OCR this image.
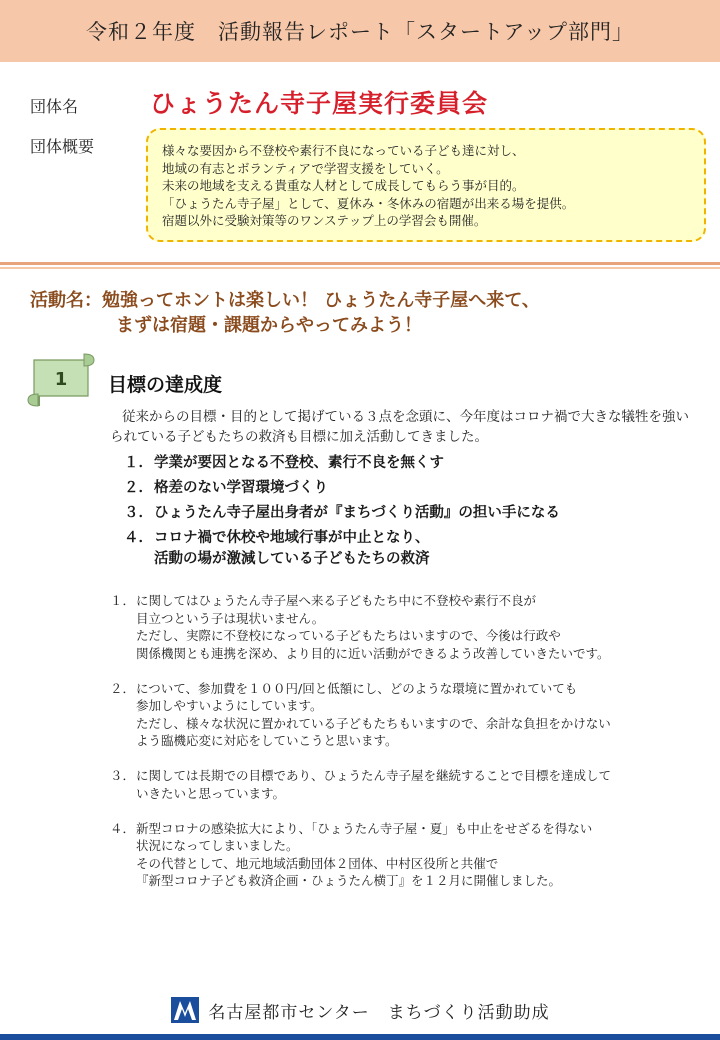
令和２年度　活動報告レポート「スタートアップ部門」
団体名	ひょうたん寺子屋実行委員会
団体概要	様々な要因から不登校や素行不良になっている子ども達に対し、
地域の有志とボランティアで学習支援をしていく。
未来の地域を支える貴重な人材として成長してもらう事が目的。
「ひょうたん寺子屋」として、夏休み・冬休みの宿題が出来る場を提供。
宿題以外に受験対策等のワンステップ上の学習会も開催。
活動名：勉強ってホントは楽しい！ ひょうたん寺子屋へ来て、
まずは宿題・課題からやってみよう！
1 目標の達成度

従来からの目標・目的として掲げている３点を念頭に、今年度はコロナ禍で大きな犠牲を強いられている子どもたちの救済も目標に加え活動してきました。

１． 学業が要因となる不登校、素行不良を無くす
２． 格差のない学習環境づくり
３． ひょうたん寺子屋出身者が『まちづくり活動』の担い手になる
４． コロナ禍で休校や地域行事が中止となり、
活動の場が激減している子どもたちの救済
１． に関してはひょうたん寺子屋へ来る子どもたち中に不登校や素行不良が
目立つという子は現状いません。
ただし、実際に不登校になっている子どもたちはいますので、今後は行政や
関係機関とも連携を深め、より目的に近い活動ができるよう改善していきたいです。
２． について、参加費を１００円/回と低額にし、どのような環境に置かれていても
参加しやすいようにしています。
ただし、様々な状況に置かれている子どもたちもいますので、余計な負担をかけない
よう臨機応変に対応をしていこうと思います。
３． に関しては長期での目標であり、ひょうたん寺子屋を継続することで目標を達成して
いきたいと思っています。
４． 新型コロナの感染拡大により、「ひょうたん寺子屋・夏」も中止をせざるを得ない
状況になってしまいました。
その代替として、地元地域活動団体２団体、中村区役所と共催で
『新型コロナ子ども救済企画・ひょうたん横丁』を１２月に開催しました。
名古屋都市センター　まちづくり活動助成
